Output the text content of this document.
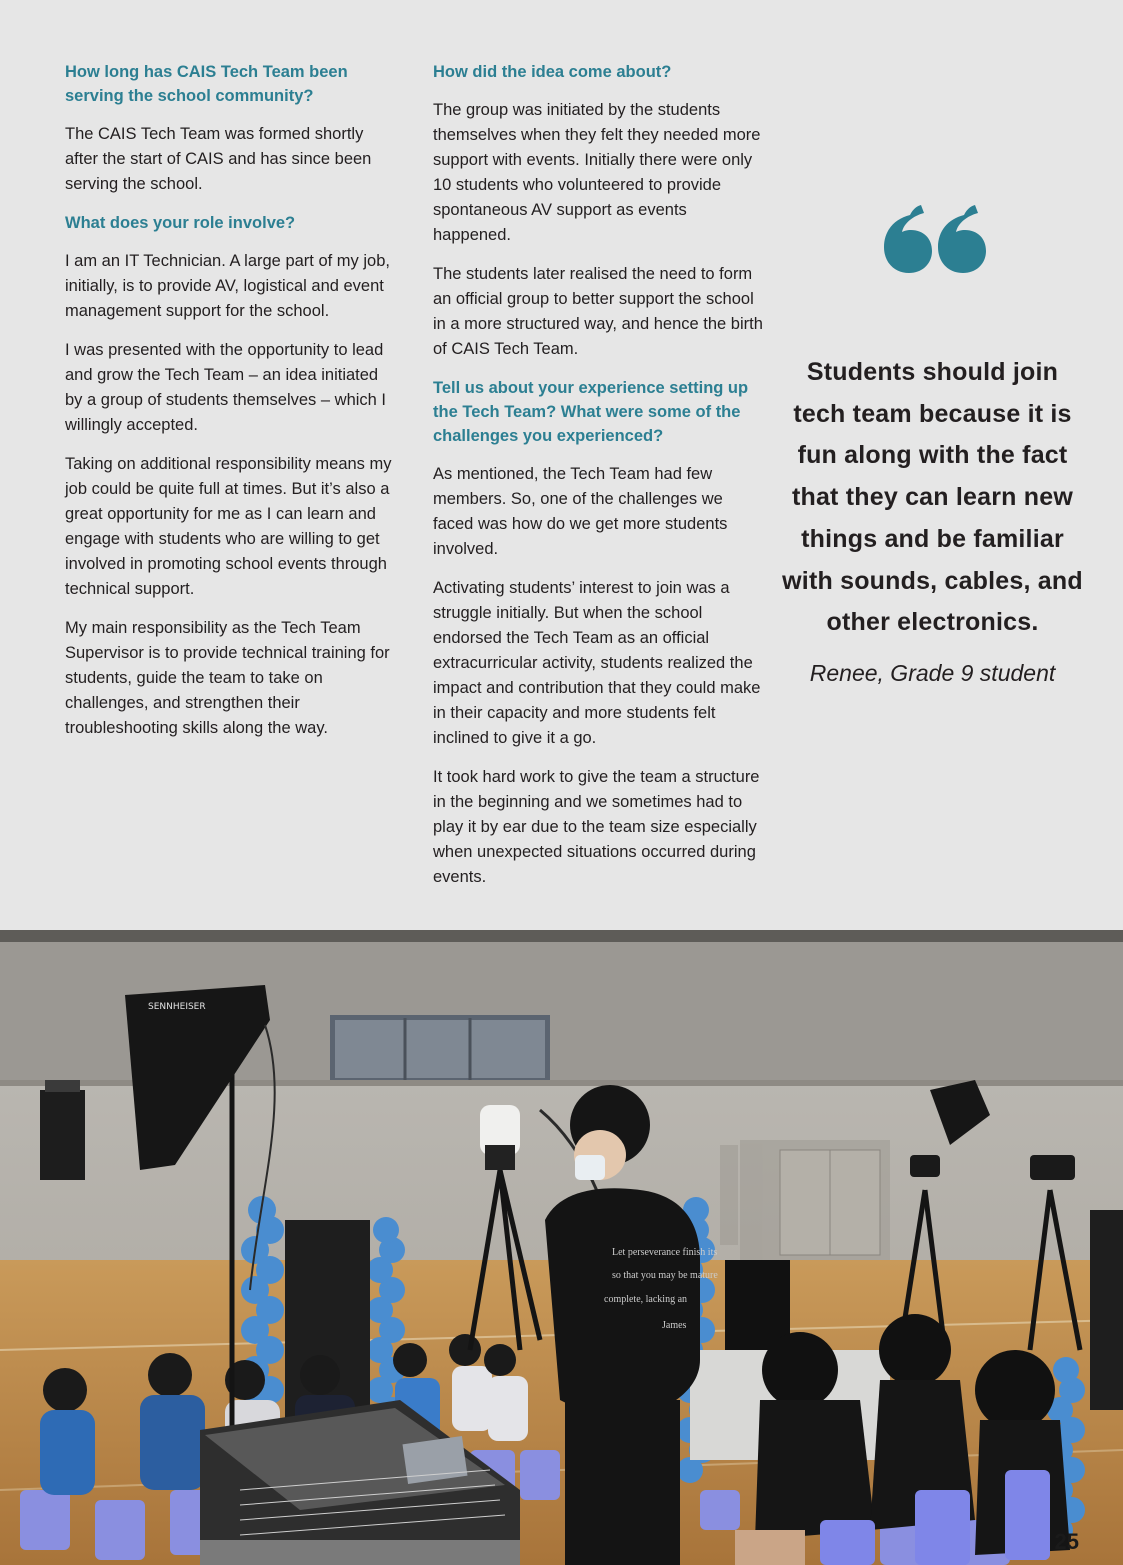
How long has CAIS Tech Team been serving the school community?
The CAIS Tech Team was formed shortly after the start of CAIS and has since been serving the school.
What does your role involve?
I am an IT Technician. A large part of my job, initially, is to provide AV, logistical and event management support for the school.
I was presented with the opportunity to lead and grow the Tech Team – an idea initiated by a group of students themselves – which I willingly accepted.
Taking on additional responsibility means my job could be quite full at times. But it’s also a great opportunity for me as I can learn and engage with students who are willing to get involved in promoting school events through technical support.
My main responsibility as the Tech Team Supervisor is to provide technical training for students, guide the team to take on challenges, and strengthen their troubleshooting skills along the way.
How did the idea come about?
The group was initiated by the students themselves when they felt they needed more support with events. Initially there were only 10 students who volunteered to provide spontaneous AV support as events happened.
The students later realised the need to form an official group to better support the school in a more structured way, and hence the birth of CAIS Tech Team.
Tell us about your experience setting up the Tech Team? What were some of the challenges you experienced?
As mentioned, the Tech Team had few members. So, one of the challenges we faced was how do we get more students involved.
Activating students’ interest to join was a struggle initially. But when the school endorsed the Tech Team as an official extracurricular activity, students realized the impact and contribution that they could make in their capacity and more students felt inclined to give it a go.
It took hard work to give the team a structure in the beginning and we sometimes had to play it by ear due to the team size especially when unexpected situations occurred during events.
Students should join tech team because it is fun along with the fact that they can learn new things and be familiar with sounds, cables, and other electronics.
Renee, Grade 9 student
SENNHEISER
Let perseverance finish its so that you may be mature complete, lacking an James
25
